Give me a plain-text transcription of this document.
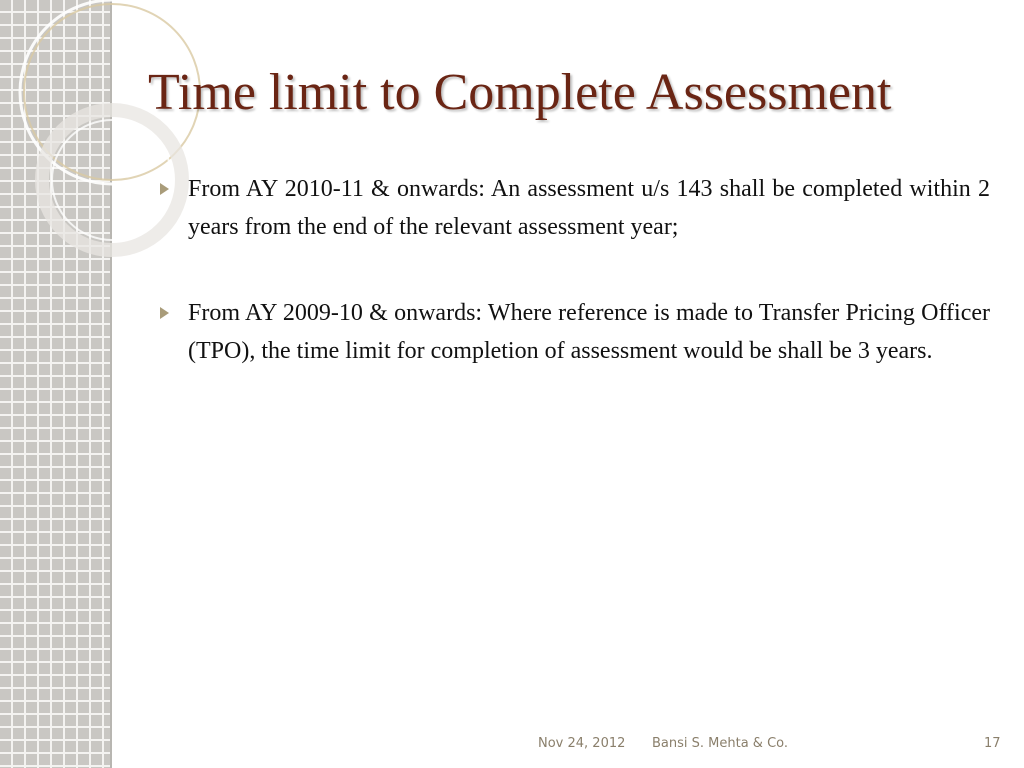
Time limit to Complete Assessment

From AY 2010-11 & onwards: An assessment u/s 143 shall be completed within 2 years from the end of the relevant assessment year;

From AY 2009-10 & onwards: Where reference is made to Transfer Pricing Officer (TPO), the time limit for completion of assessment would be shall be 3 years.

Nov 24, 2012 Bansi S. Mehta & Co.	17
